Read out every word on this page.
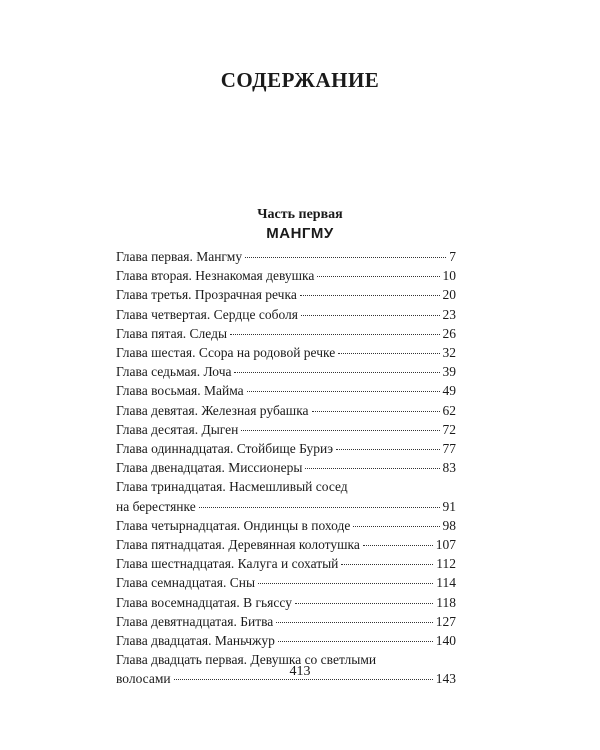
СОДЕРЖАНИЕ
Часть первая
МАНГМУ
Глава первая. Мангму	7
Глава вторая. Незнакомая девушка	10
Глава третья. Прозрачная речка	20
Глава четвертая. Сердце соболя	23
Глава пятая. Следы	26
Глава шестая. Ссора на родовой речке	32
Глава седьмая. Лоча	39
Глава восьмая. Майма	49
Глава девятая. Железная рубашка	62
Глава десятая. Дыген	72
Глава одиннадцатая. Стойбище Буриэ	77
Глава двенадцатая. Миссионеры	83
Глава тринадцатая. Насмешливый сосед
на берестянке	91
Глава четырнадцатая. Ондинцы в походе	98
Глава пятнадцатая. Деревянная колотушка	107
Глава шестнадцатая. Калуга и сохатый	112
Глава семнадцатая. Сны	114
Глава восемнадцатая. В гьяссу	118
Глава девятнадцатая. Битва	127
Глава двадцатая. Маньчжур	140
Глава двадцать первая. Девушка со светлыми
волосами	143
413
